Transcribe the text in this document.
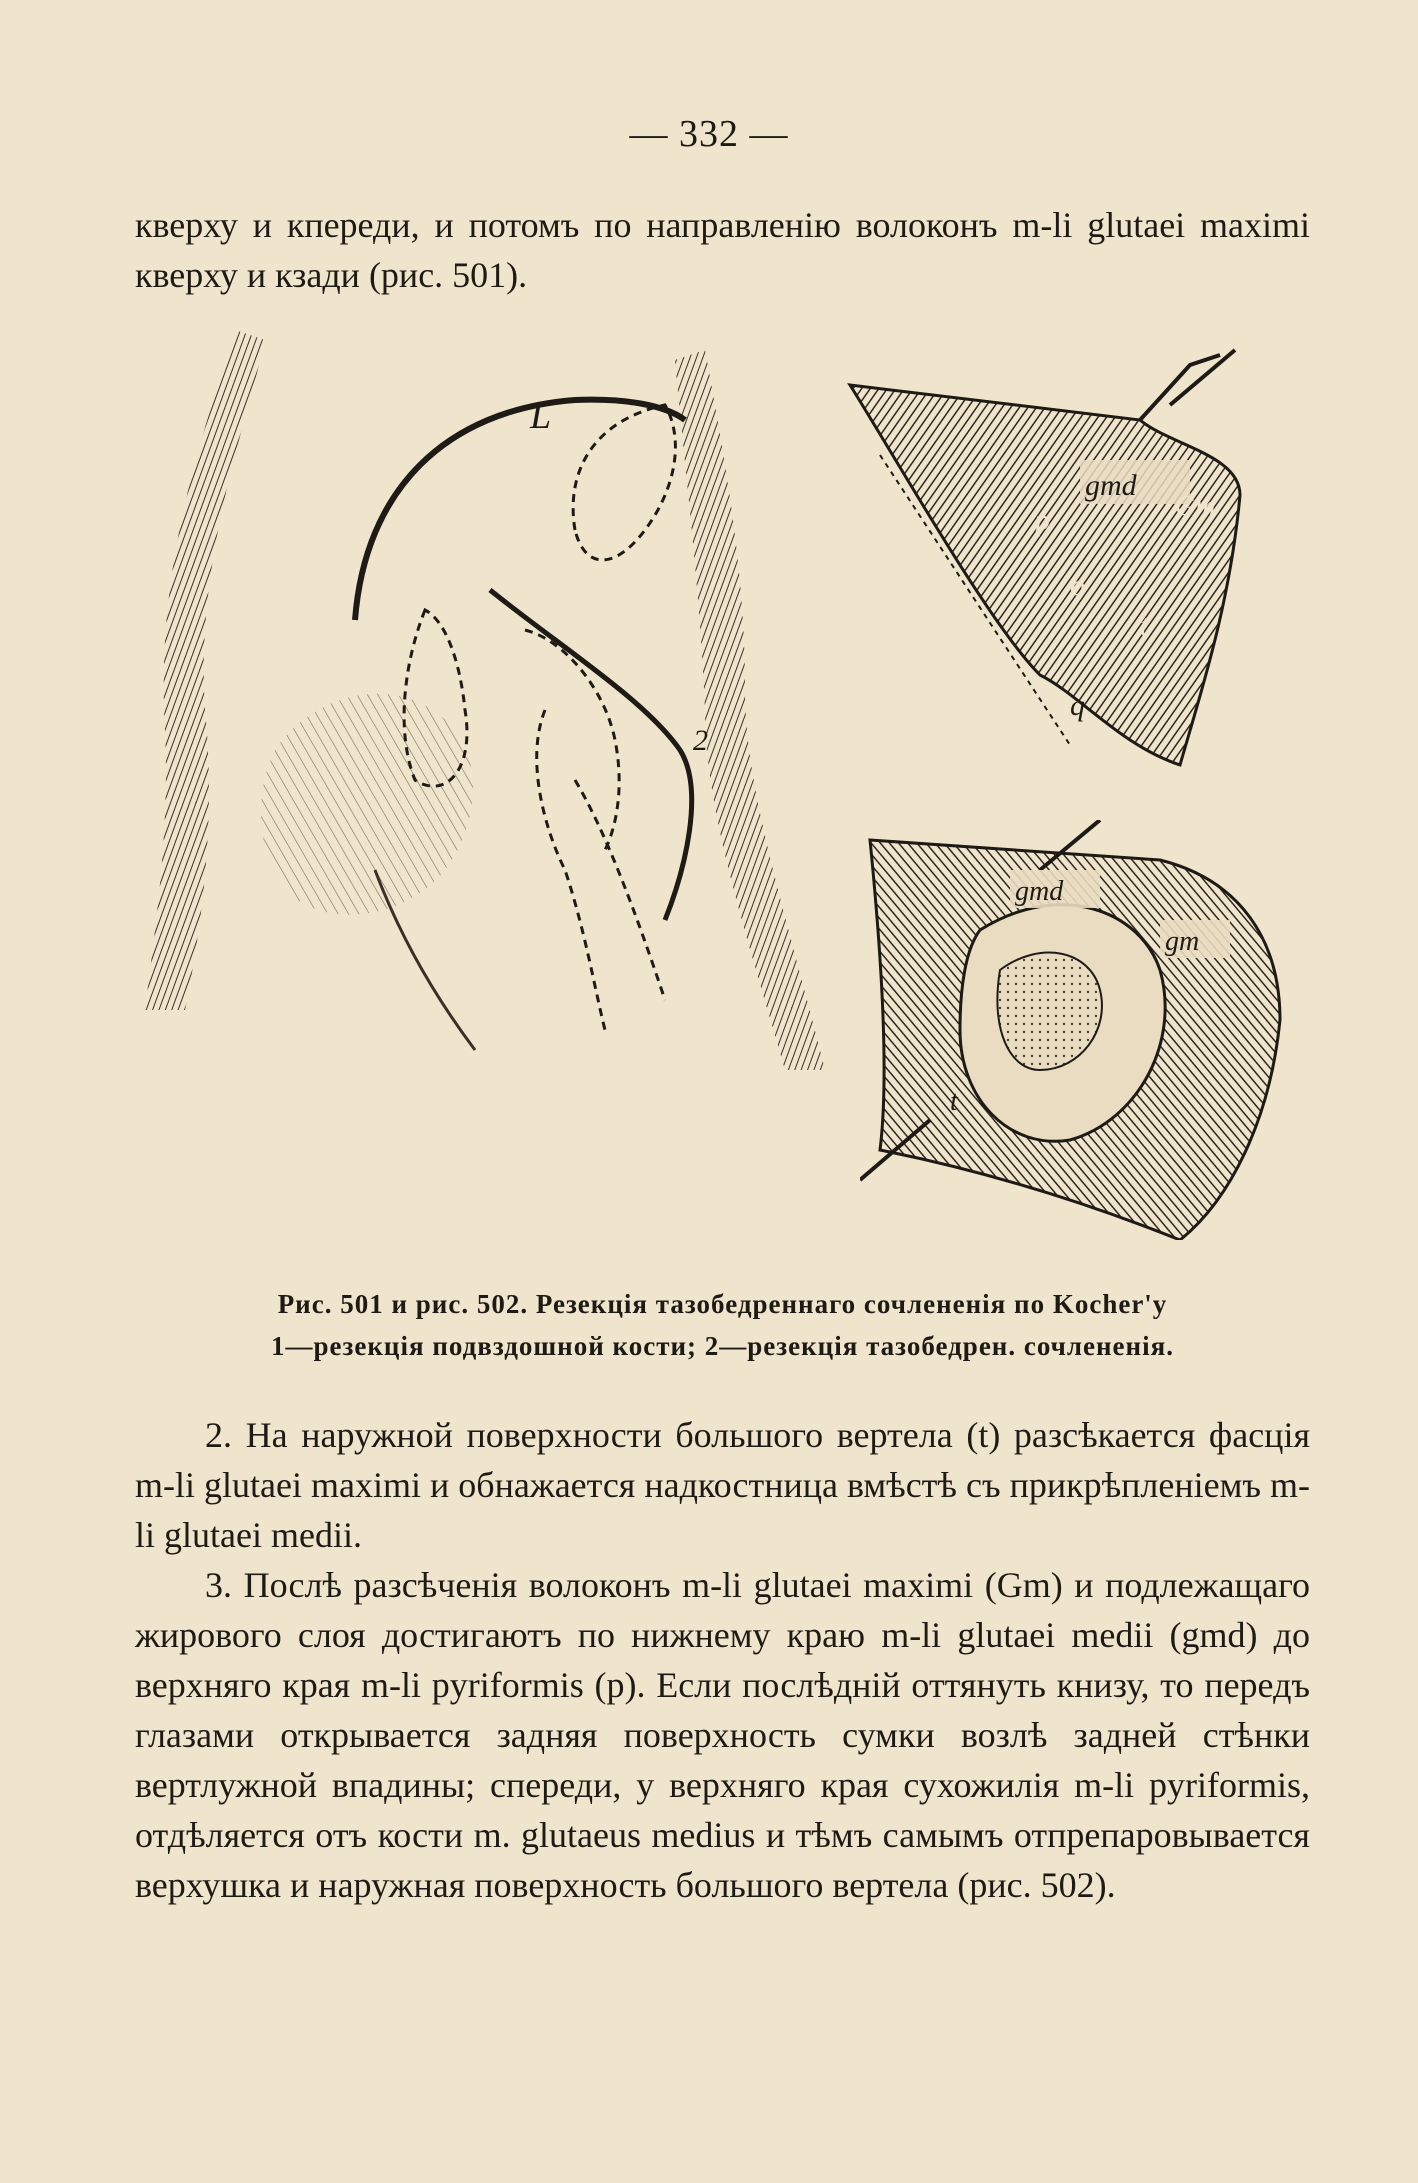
— 332 —
кверху и кпереди, и потомъ по направленію волоконъ m-li glutaei maximi кверху и кзади (рис. 501).
L
2
gmd
Gm
p
o
t
q
gmd
gm
t
Рис. 501 и рис. 502. Резекція тазобедреннаго сочлененія по Kocher'у
1—резекція подвздошной кости; 2—резекція тазобедрен. сочлененія.

2. На наружной поверхности большого вертела (t) разсѣкается фасція m-li glutaei maximi и обнажается надкостница вмѣстѣ съ прикрѣпленіемъ m-li glutaei medii.

3. Послѣ разсѣченія волоконъ m-li glutaei maximi (Gm) и подлежащаго жирового слоя достигаютъ по нижнему краю m-li glutaei medii (gmd) до верхняго края m-li pyriformis (p). Если послѣдній оттянуть книзу, то передъ глазами открывается задняя поверхность сумки возлѣ задней стѣнки вертлужной впадины; спереди, у верхняго края сухожилія m-li pyriformis, отдѣляется отъ кости m. glutaeus medius и тѣмъ самымъ отпрепаровывается верхушка и наружная поверхность большого вертела (рис. 502).
